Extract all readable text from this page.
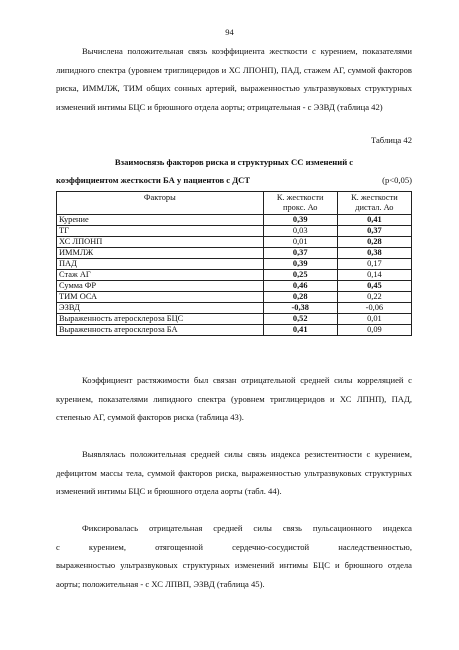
94
Вычислена положительная связь коэффициента жесткости с курением, показателями липидного спектра (уровнем триглицеридов и ХС ЛПОНП), ПАД, стажем АГ, суммой факторов риска, ИММЛЖ, ТИМ общих сонных артерий, выраженностью ультразвуковых структурных изменений интимы БЦС и брюшного отдела аорты; отрицательная - с ЭЗВД (таблица 42)
Таблица 42
Взаимосвязь факторов риска и структурных СС изменений с
коэффициентом жесткости БА у пациентов с ДСТ	(p<0,05)
Факторы	К. жесткости прокс. Ао	К. жесткости дистал. Ао
Курение	0,39	0,41
ТГ	0,03	0,37
ХС ЛПОНП	0,01	0,28
ИММЛЖ	0,37	0,38
ПАД	0,39	0,17
Стаж АГ	0,25	0,14
Сумма ФР	0,46	0,45
ТИМ ОСА	0,28	0,22
ЭЗВД	-0,38	-0,06
Выраженность атеросклероза БЦС	0,52	0,01
Выраженность атеросклероза БА	0,41	0,09
Коэффициент растяжимости был связан отрицательной средней силы корреляцией с курением, показателями липидного спектра (уровнем триглицеридов и ХС ЛПНП), ПАД, степенью АГ, суммой факторов риска (таблица 43).
Выявлялась положительная средней силы связь индекса резистентности с курением, дефицитом массы тела, суммой факторов риска, выраженностью ультразвуковых структурных изменений интимы БЦС и брюшного отдела аорты (табл. 44).
Фиксировалась отрицательная средней силы связь пульсационного индекса
с курением, отягощенной сердечно-сосудистой наследственностью,
выраженностью ультразвуковых структурных изменений интимы БЦС и брюшного отдела аорты; положительная - с ХС ЛПВП, ЭЗВД (таблица 45).
